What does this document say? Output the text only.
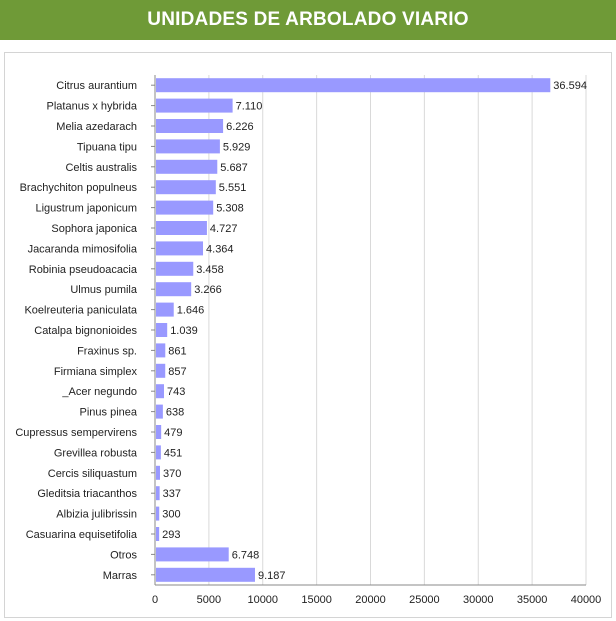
UNIDADES DE ARBOLADO VIARIO
0	5000 10000 15000 20000 25000 30000 35000 40000
Citrus aurantium	36.594
Platanus x hybrida	7.110
Melia azedarach	6.226
Tipuana tipu	5.929
Celtis australis	5.687
Brachychiton populneus	5.551
Ligustrum japonicum	5.308
Sophora japonica	4.727
Jacaranda mimosifolia	4.364
Robinia pseudoacacia	3.458
Ulmus pumila	3.266
Koelreuteria paniculata	1.646
Catalpa bignonioides	1.039
Fraxinus sp.	861
Firmiana simplex	857
_Acer negundo	743
Pinus pinea	638
Cupressus sempervirens 479
Grevillea robusta 451
Cercis siliquastum 370
Gleditsia triacanthos 337
Albizia julibrissin 300
Casuarina equisetifolia 293
Otros	6.748
Marras	9.187
